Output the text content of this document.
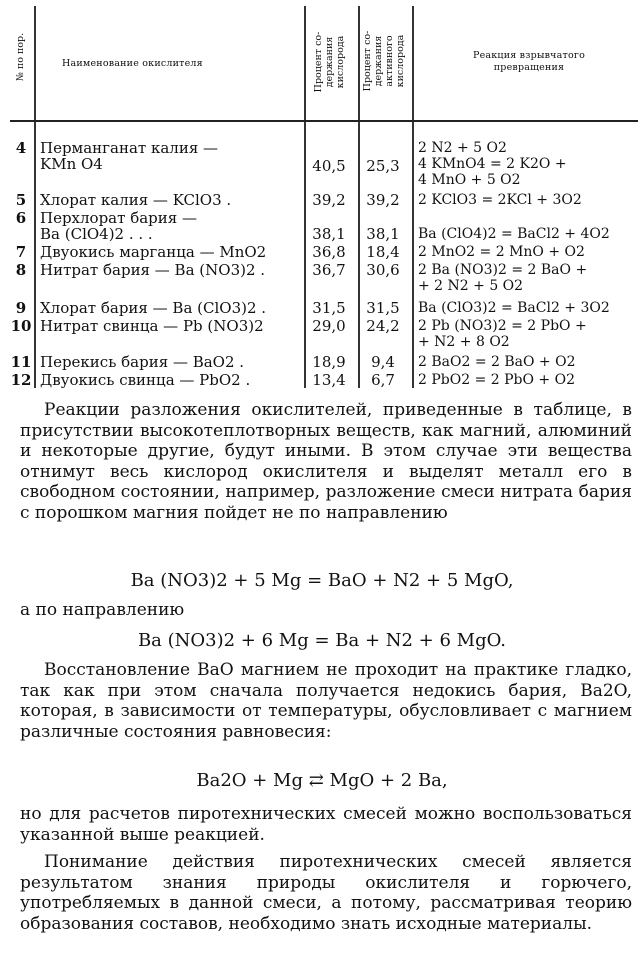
№ по пор.	Наименование окислителя	Процент со-
держания
кислорода	Процент со-
держания
активного
кислорода	Реакция взрывчатого
превращения
4 Перманганат калия —
KMn O4	40,5	25,3
2 N2 + 5 O2
4 KMnO4 = 2 K2O +
4 MnO + 5 O2
5 Хлорат калия — KClO3 .	39,2	39,2	2 KClO3 = 2KCl + 3O2
6 Перхлорат бария —
Ba (ClO4)2 . . .	38,1	38,1	Ba (ClO4)2 = BaCl2 + 4O2
7 Двуокись марганца — MnO2	36,8	18,4	2 MnO2 = 2 MnO + O2
8 Нитрат бария — Ba (NO3)2 .	36,7	30,6	2 Ba (NO3)2 = 2 BaO +
+ 2 N2 + 5 O2
9 Хлорат бария — Ba (ClO3)2 .	31,5	31,5	Ba (ClO3)2 = BaCl2 + 3O2
10 Нитрат свинца — Pb (NO3)2	29,0	24,2	2 Pb (NO3)2 = 2 PbO +
+ N2 + 8 O2
11 Перекись бария — BaO2 .	18,9	9,4	2 BaO2 = 2 BaO + O2
12 Двуокись свинца — PbO2 .	13,4	6,7	2 PbO2 = 2 PbO + O2
Реакции разложения окислителей, приведенные в таблице, в присутствии высокотеплотворных веществ, как магний, алюминий и некоторые другие, будут иными. В этом случае эти вещества отнимут весь кислород окислителя и выделят металл его в свободном состоянии, например, разложение смеси нитрата бария с порошком магния пойдет не по направлению
Ba (NO3)2 + 5 Mg = BaO + N2 + 5 MgO,
а по направлению
Ba (NO3)2 + 6 Mg = Ba + N2 + 6 MgO.
Восстановление BaO магнием не проходит на практике гладко, так как при этом сначала получается недокись бария, Ba2O, которая, в зависимости от температуры, обусловливает с магнием различные состояния равновесия:
Ba2O + Mg ⇄ MgO + 2 Ba,
но для расчетов пиротехнических смесей можно воспользоваться указанной выше реакцией.
Понимание действия пиротехнических смесей является результатом знания природы окислителя и горючего, употребляемых в данной смеси, а потому, рассматривая теорию образования составов, необходимо знать исходные материалы.
